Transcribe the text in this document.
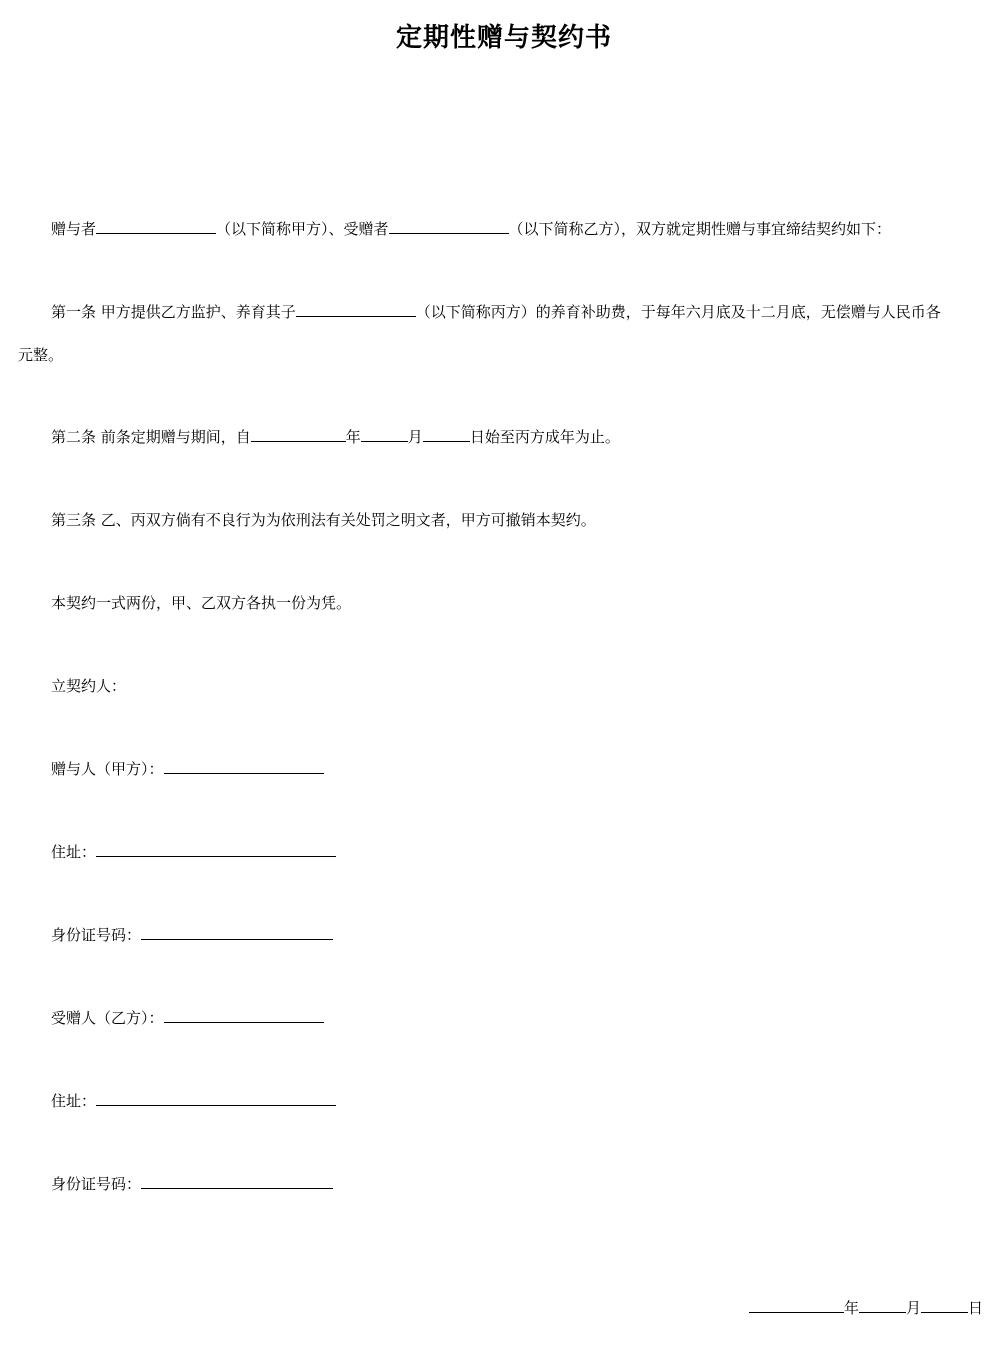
定期性赠与契约书
赠与者	（以下简称甲方）、受赠者	（以下简称乙方），双方就定期性赠与事宜缔结契约如下：
第一条 甲方提供乙方监护、养育其子	（以下简称丙方）的养育补助费，于每年六月底及十二月底，无偿赠与人民币各
元整。
第二条 前条定期赠与期间，自	年	月	日始至丙方成年为止。
第三条 乙、丙双方倘有不良行为为依刑法有关处罚之明文者，甲方可撤销本契约。
本契约一式两份，甲、乙双方各执一份为凭。
立契约人：
赠与人（甲方）：
住址：
身份证号码：
受赠人（乙方）：
住址：
身份证号码：
年	月	日
